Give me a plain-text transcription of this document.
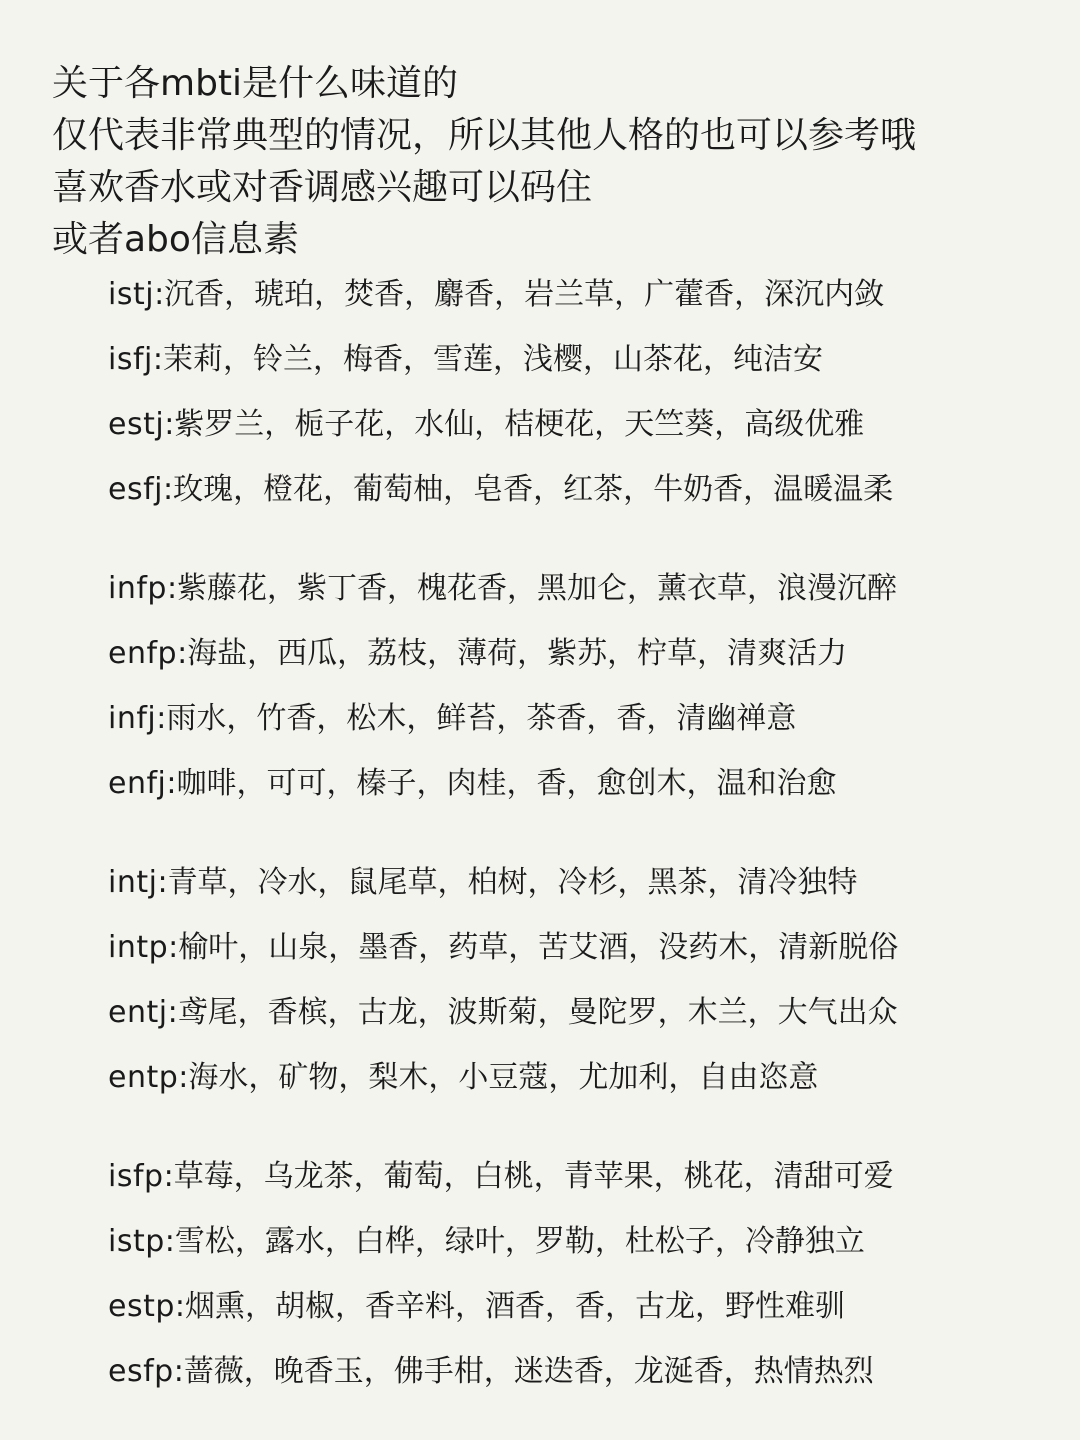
关于各mbti是什么味道的
仅代表非常典型的情况，所以其他人格的也可以参考哦
喜欢香水或对香调感兴趣可以码住
或者abo信息素
istj:沉香，琥珀，焚香，麝香，岩兰草，广藿香，深沉内敛
isfj:茉莉，铃兰，梅香，雪莲，浅樱，山茶花，纯洁安
estj:紫罗兰，栀子花，水仙，桔梗花，天竺葵，高级优雅
esfj:玫瑰，橙花，葡萄柚，皂香，红茶，牛奶香，温暖温柔
infp:紫藤花，紫丁香，槐花香，黑加仑，薰衣草，浪漫沉醉
enfp:海盐，西瓜，荔枝，薄荷，紫苏，柠草，清爽活力
infj:雨水，竹香，松木，鲜苔，茶香，香，清幽禅意
enfj:咖啡，可可，榛子，肉桂，香，愈创木，温和治愈
intj:青草，冷水，鼠尾草，柏树，冷杉，黑茶，清冷独特
intp:榆叶，山泉，墨香，药草，苦艾酒，没药木，清新脱俗
entj:鸢尾，香槟，古龙，波斯菊，曼陀罗，木兰，大气出众
entp:海水，矿物，梨木，小豆蔻，尤加利，自由恣意
isfp:草莓，乌龙茶，葡萄，白桃，青苹果，桃花，清甜可爱
istp:雪松，露水，白桦，绿叶，罗勒，杜松子，冷静独立
estp:烟熏，胡椒，香辛料，酒香，香，古龙，野性难驯
esfp:蔷薇，晚香玉，佛手柑，迷迭香，龙涎香，热情热烈
